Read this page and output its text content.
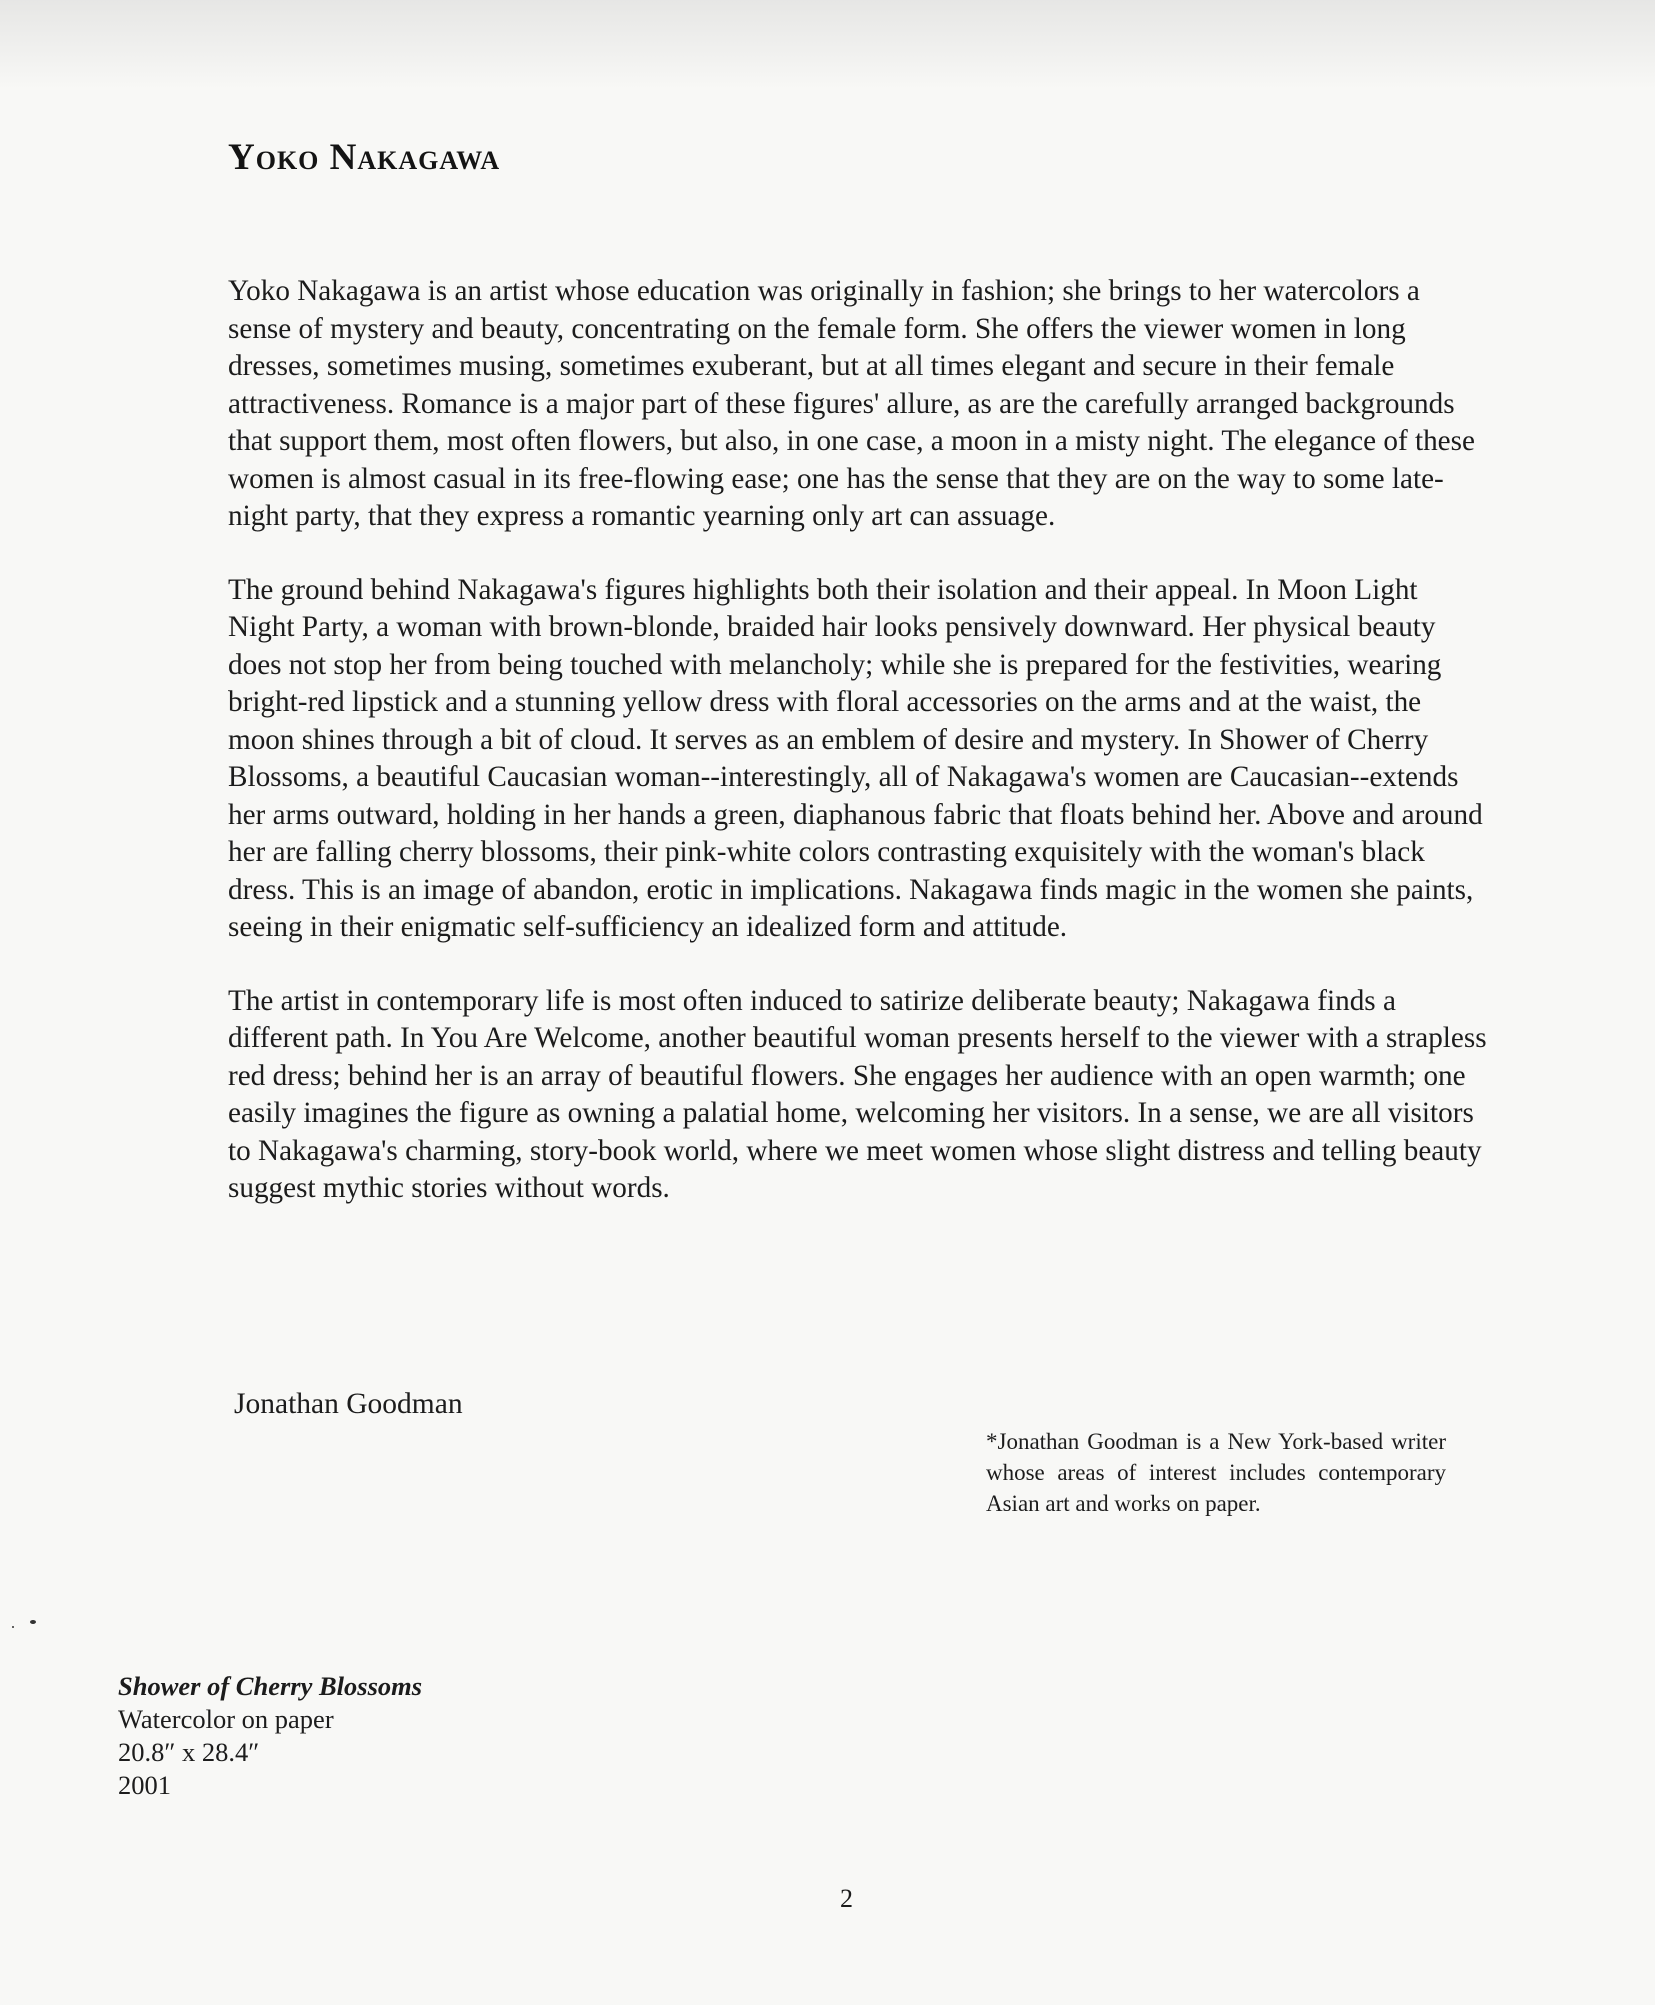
Yoko Nakagawa

Yoko Nakagawa is an artist whose education was originally in fashion; she brings to her watercolors a sense of mystery and beauty, concentrating on the female form. She offers the viewer women in long dresses, sometimes musing, sometimes exuberant, but at all times elegant and secure in their female attractiveness. Romance is a major part of these figures' allure, as are the carefully arranged backgrounds that support them, most often flowers, but also, in one case, a moon in a misty night. The elegance of these women is almost casual in its free-flowing ease; one has the sense that they are on the way to some late-night party, that they express a romantic yearning only art can assuage.

The ground behind Nakagawa's figures highlights both their isolation and their appeal. In Moon Light Night Party, a woman with brown-blonde, braided hair looks pensively downward. Her physical beauty does not stop her from being touched with melancholy; while she is prepared for the festivities, wearing bright-red lipstick and a stunning yellow dress with floral accessories on the arms and at the waist, the moon shines through a bit of cloud. It serves as an emblem of desire and mystery. In Shower of Cherry Blossoms, a beautiful Caucasian woman--interestingly, all of Nakagawa's women are Caucasian--extends her arms outward, holding in her hands a green, diaphanous fabric that floats behind her. Above and around her are falling cherry blossoms, their pink-white colors contrasting exquisitely with the woman's black dress. This is an image of abandon, erotic in implications. Nakagawa finds magic in the women she paints, seeing in their enigmatic self-sufficiency an idealized form and attitude.

The artist in contemporary life is most often induced to satirize deliberate beauty; Nakagawa finds a different path. In You Are Welcome, another beautiful woman presents herself to the viewer with a strapless red dress; behind her is an array of beautiful flowers. She engages her audience with an open warmth; one easily imagines the figure as owning a palatial home, welcoming her visitors. In a sense, we are all visitors to Nakagawa's charming, story-book world, where we meet women whose slight distress and telling beauty suggest mythic stories without words.

Jonathan Goodman
*Jonathan Goodman is a New York-based writer whose areas of interest includes contemporary Asian art and works on paper.
Shower of Cherry Blossoms
Watercolor on paper
20.8″ x 28.4″
2001
2
